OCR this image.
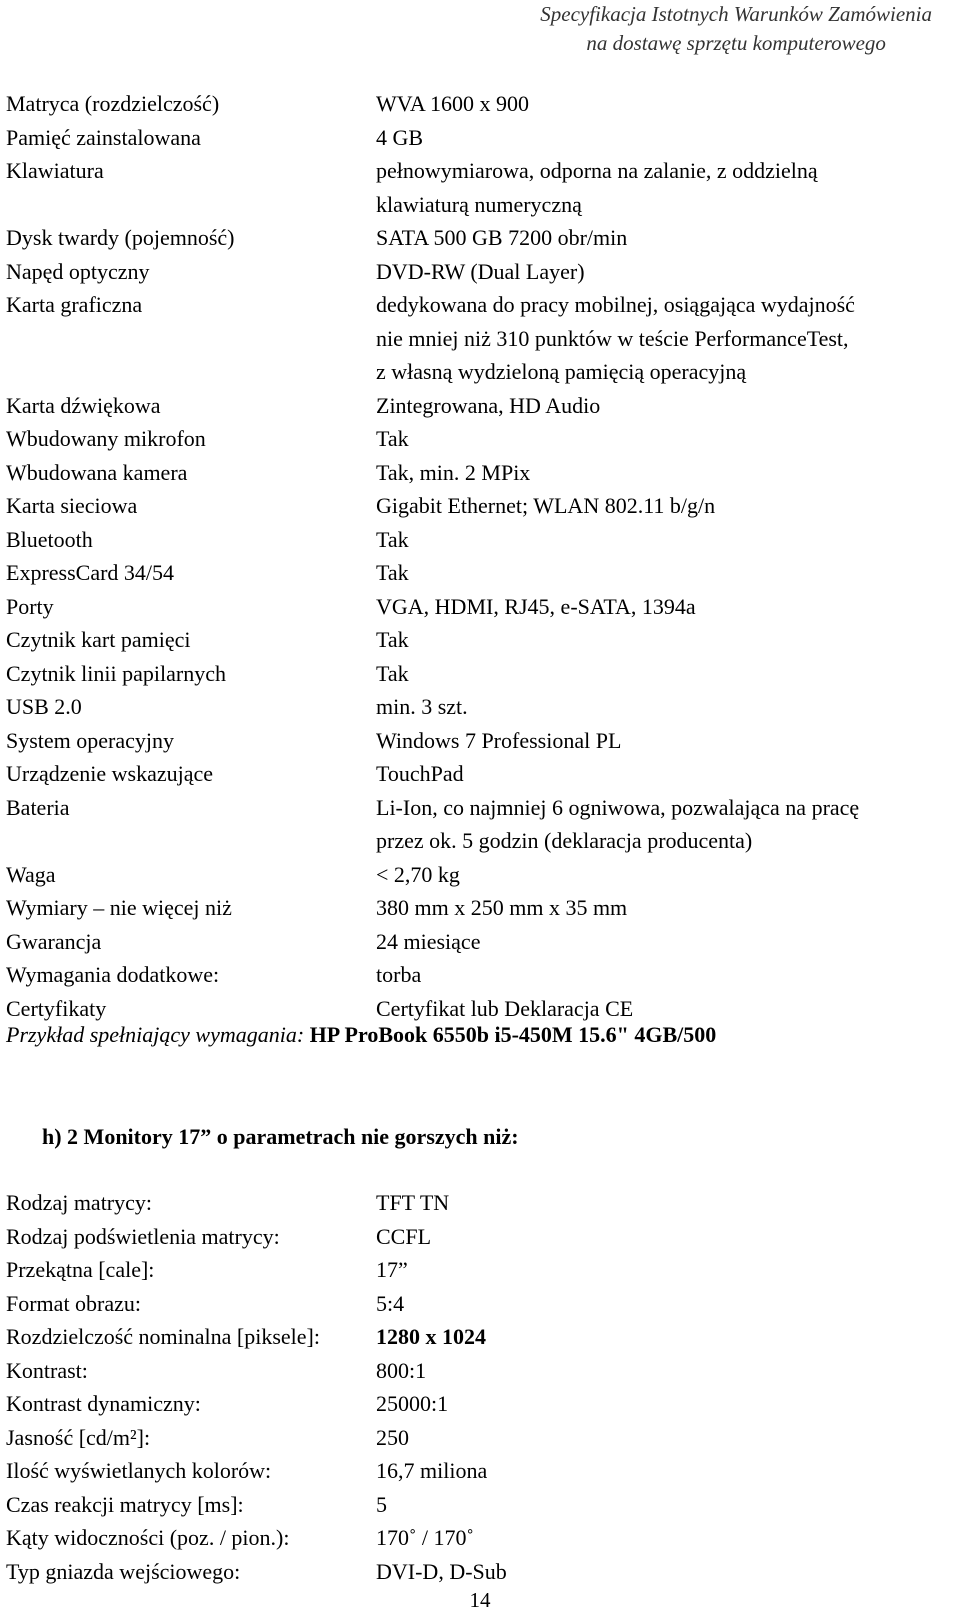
Specyfikacja Istotnych Warunków Zamówienia
na dostawę sprzętu komputerowego
Matryca (rozdzielczość)	WVA 1600 x 900
Pamięć zainstalowana	4 GB
Klawiatura	pełnowymiarowa, odporna na zalanie, z oddzielną
klawiaturą numeryczną
Dysk twardy (pojemność)	SATA 500 GB 7200 obr/min
Napęd optyczny	DVD-RW (Dual Layer)
Karta graficzna	dedykowana do pracy mobilnej, osiągająca wydajność
nie mniej niż 310 punktów w teście PerformanceTest,
z własną wydzieloną pamięcią operacyjną
Karta dźwiękowa	Zintegrowana, HD Audio
Wbudowany mikrofon	Tak
Wbudowana kamera	Tak, min. 2 MPix
Karta sieciowa	Gigabit Ethernet; WLAN 802.11 b/g/n
Bluetooth	Tak
ExpressCard 34/54	Tak
Porty	VGA, HDMI, RJ45, e-SATA, 1394a
Czytnik kart pamięci	Tak
Czytnik linii papilarnych	Tak
USB 2.0	min. 3 szt.
System operacyjny	Windows 7 Professional PL
Urządzenie wskazujące	TouchPad
Bateria	Li-Ion, co najmniej 6 ogniwowa, pozwalająca na pracę
przez ok. 5 godzin (deklaracja producenta)
Waga	< 2,70 kg
Wymiary – nie więcej niż	380 mm x 250 mm x 35 mm
Gwarancja	24 miesiące
Wymagania dodatkowe:	torba
Certyfikaty	Certyfikat lub Deklaracja CE
Przykład spełniający wymagania: HP ProBook 6550b i5-450M 15.6" 4GB/500
h) 2 Monitory 17” o parametrach nie gorszych niż:
Rodzaj matrycy:	TFT TN
Rodzaj podświetlenia matrycy:	CCFL
Przekątna [cale]:	17”
Format obrazu:	5:4
Rozdzielczość nominalna [piksele]:	1280 x 1024
Kontrast:	800:1
Kontrast dynamiczny:	25000:1
Jasność [cd/m²]:	250
Ilość wyświetlanych kolorów:	16,7 miliona
Czas reakcji matrycy [ms]:	5
Kąty widoczności (poz. / pion.):	170˚ / 170˚
Typ gniazda wejściowego:	DVI-D, D-Sub
14
